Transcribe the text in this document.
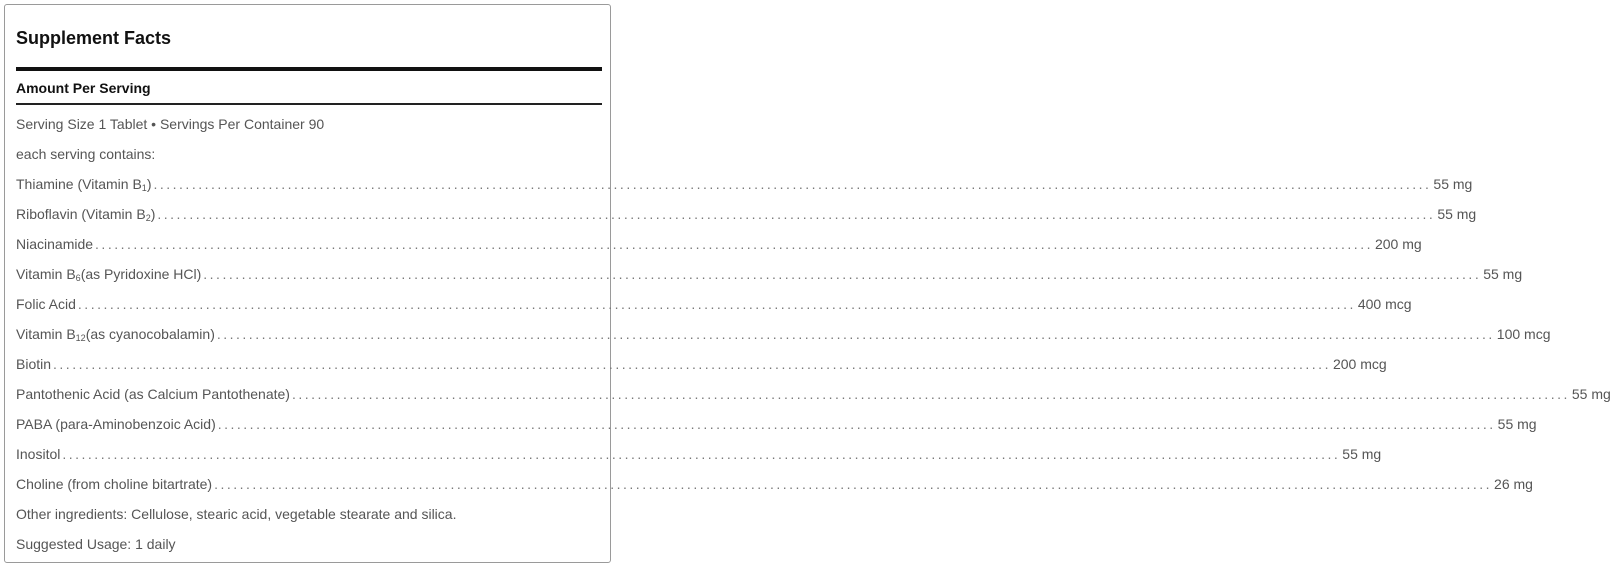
Supplement Facts
Amount Per Serving
Serving Size 1 Tablet • Servings Per Container 90
each serving contains:
Thiamine (Vitamin $B_1$) ........................................................................................................................................................................................................ 55 mg
Riboflavin (Vitamin $B_2$) ........................................................................................................................................................................................................ 55 mg
Niacinamide ........................................................................................................................................................................................................ 200 mg
Vitamin $B_6(as$ Pyridoxine HCl) ........................................................................................................................................................................................................ 55 mg
Folic Acid ........................................................................................................................................................................................................ 400 mcg
Vitamin $B_{12}(as$ cyanocobalamin) ........................................................................................................................................................................................................ 100 mcg
Biotin ........................................................................................................................................................................................................ 200 mcg
Pantothenic Acid (as Calcium Pantothenate) ........................................................................................................................................................................................................ 55 mg
PABA (para-Aminobenzoic Acid) ........................................................................................................................................................................................................ 55 mg
Inositol ........................................................................................................................................................................................................ 55 mg
Choline (from choline bitartrate) ........................................................................................................................................................................................................ 26 mg
Other ingredients: Cellulose, stearic acid, vegetable stearate and silica.
Suggested Usage: 1 daily
